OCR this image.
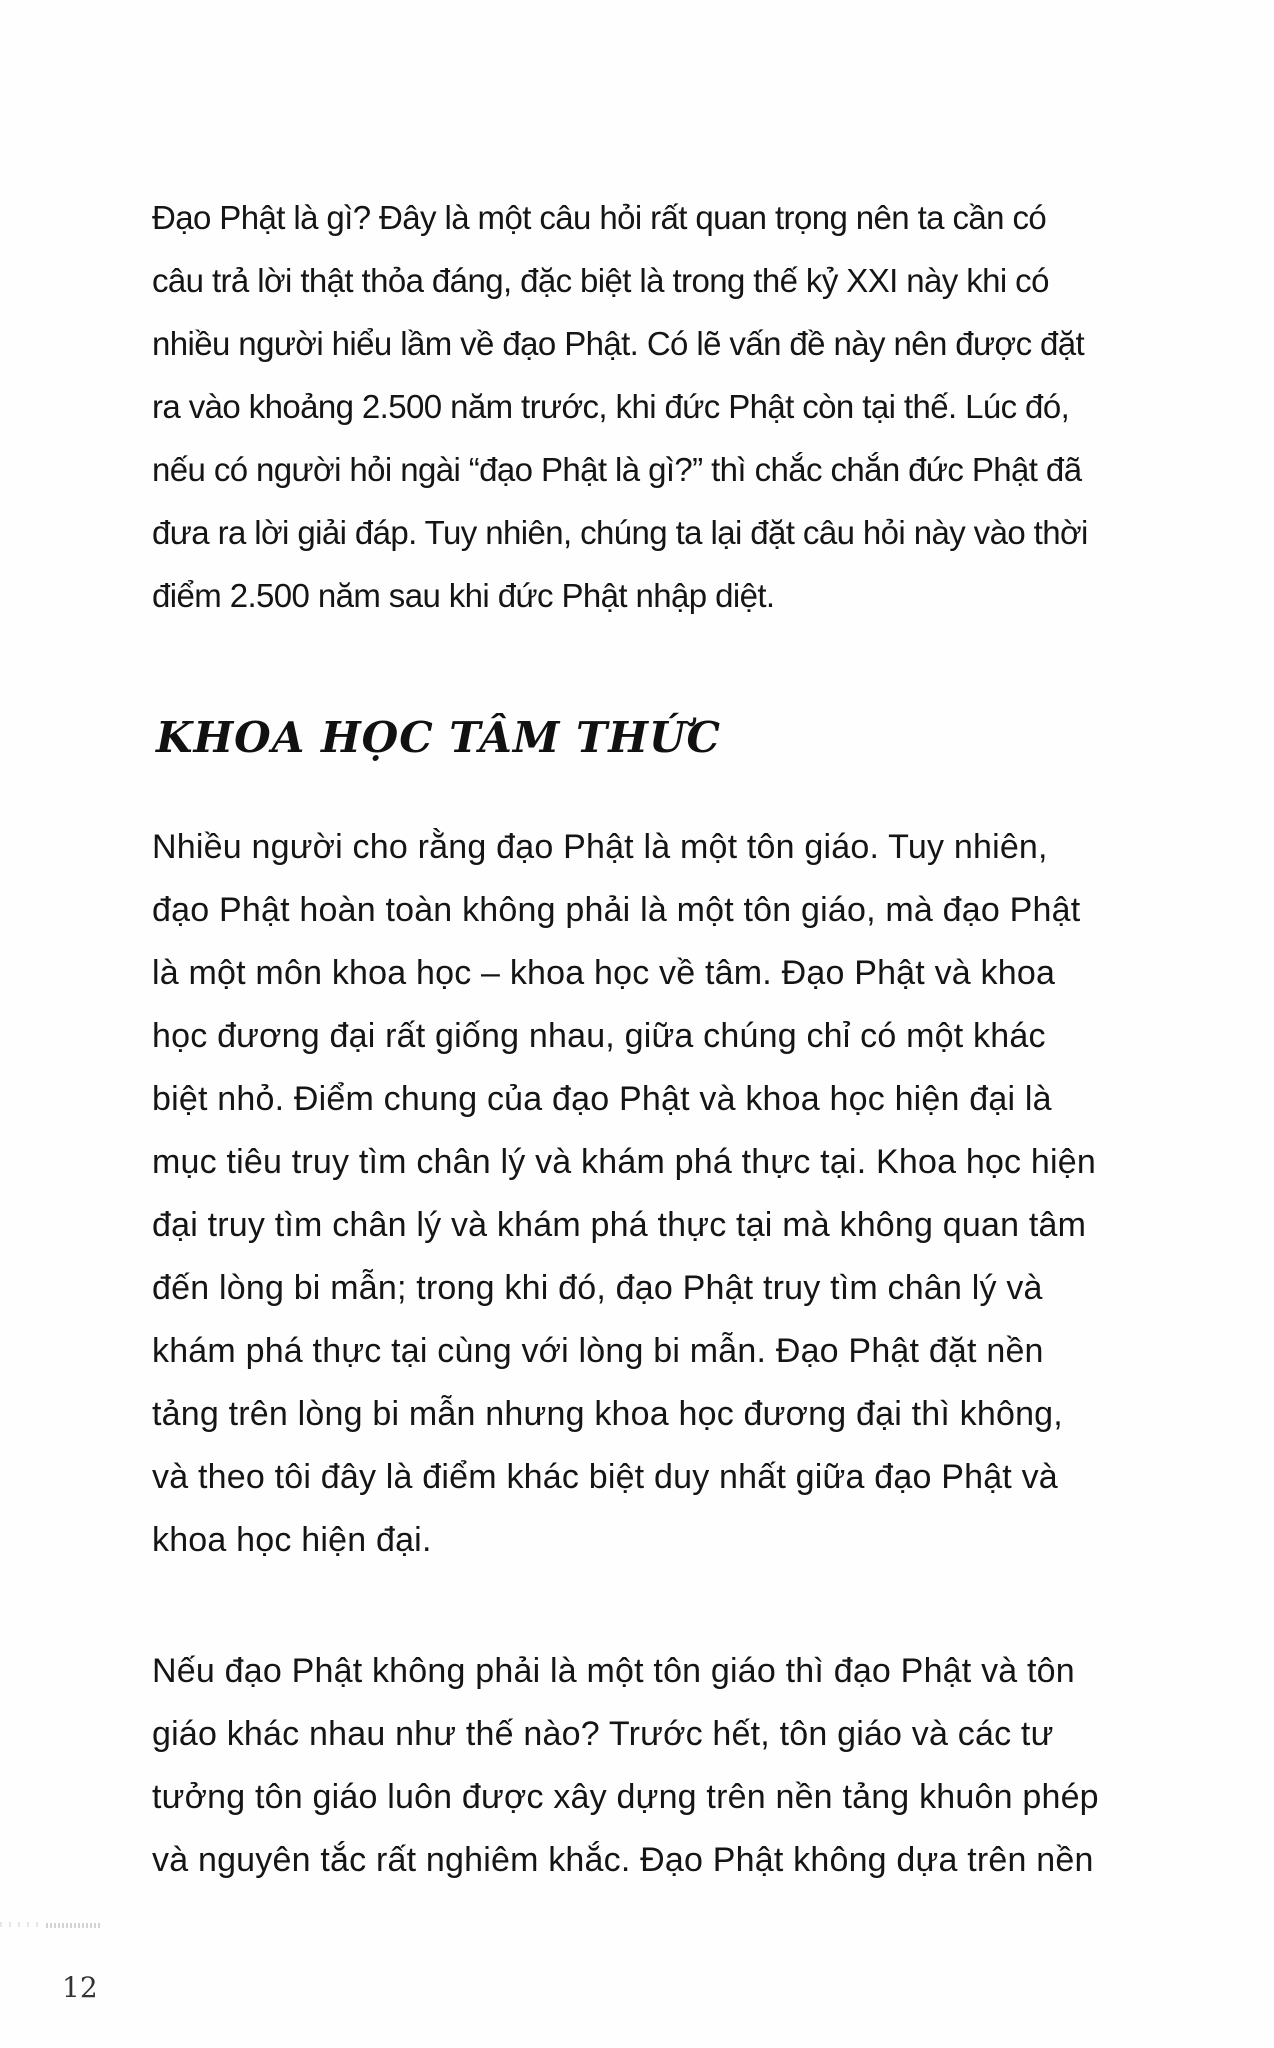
Đạo Phật là gì? Đây là một câu hỏi rất quan trọng nên ta cần có
câu trả lời thật thỏa đáng, đặc biệt là trong thế kỷ XXI này khi có
nhiều người hiểu lầm về đạo Phật. Có lẽ vấn đề này nên được đặt
ra vào khoảng 2.500 năm trước, khi đức Phật còn tại thế. Lúc đó,
nếu có người hỏi ngài “đạo Phật là gì?” thì chắc chắn đức Phật đã
đưa ra lời giải đáp. Tuy nhiên, chúng ta lại đặt câu hỏi này vào thời
điểm 2.500 năm sau khi đức Phật nhập diệt.
KHOA HỌC TÂM THỨC
Nhiều người cho rằng đạo Phật là một tôn giáo. Tuy nhiên,
đạo Phật hoàn toàn không phải là một tôn giáo, mà đạo Phật
là một môn khoa học – khoa học về tâm. Đạo Phật và khoa
học đương đại rất giống nhau, giữa chúng chỉ có một khác
biệt nhỏ. Điểm chung của đạo Phật và khoa học hiện đại là
mục tiêu truy tìm chân lý và khám phá thực tại. Khoa học hiện
đại truy tìm chân lý và khám phá thực tại mà không quan tâm
đến lòng bi mẫn; trong khi đó, đạo Phật truy tìm chân lý và
khám phá thực tại cùng với lòng bi mẫn. Đạo Phật đặt nền
tảng trên lòng bi mẫn nhưng khoa học đương đại thì không,
và theo tôi đây là điểm khác biệt duy nhất giữa đạo Phật và
khoa học hiện đại.
Nếu đạo Phật không phải là một tôn giáo thì đạo Phật và tôn
giáo khác nhau như thế nào? Trước hết, tôn giáo và các tư
tưởng tôn giáo luôn được xây dựng trên nền tảng khuôn phép
và nguyên tắc rất nghiêm khắc. Đạo Phật không dựa trên nền
12
